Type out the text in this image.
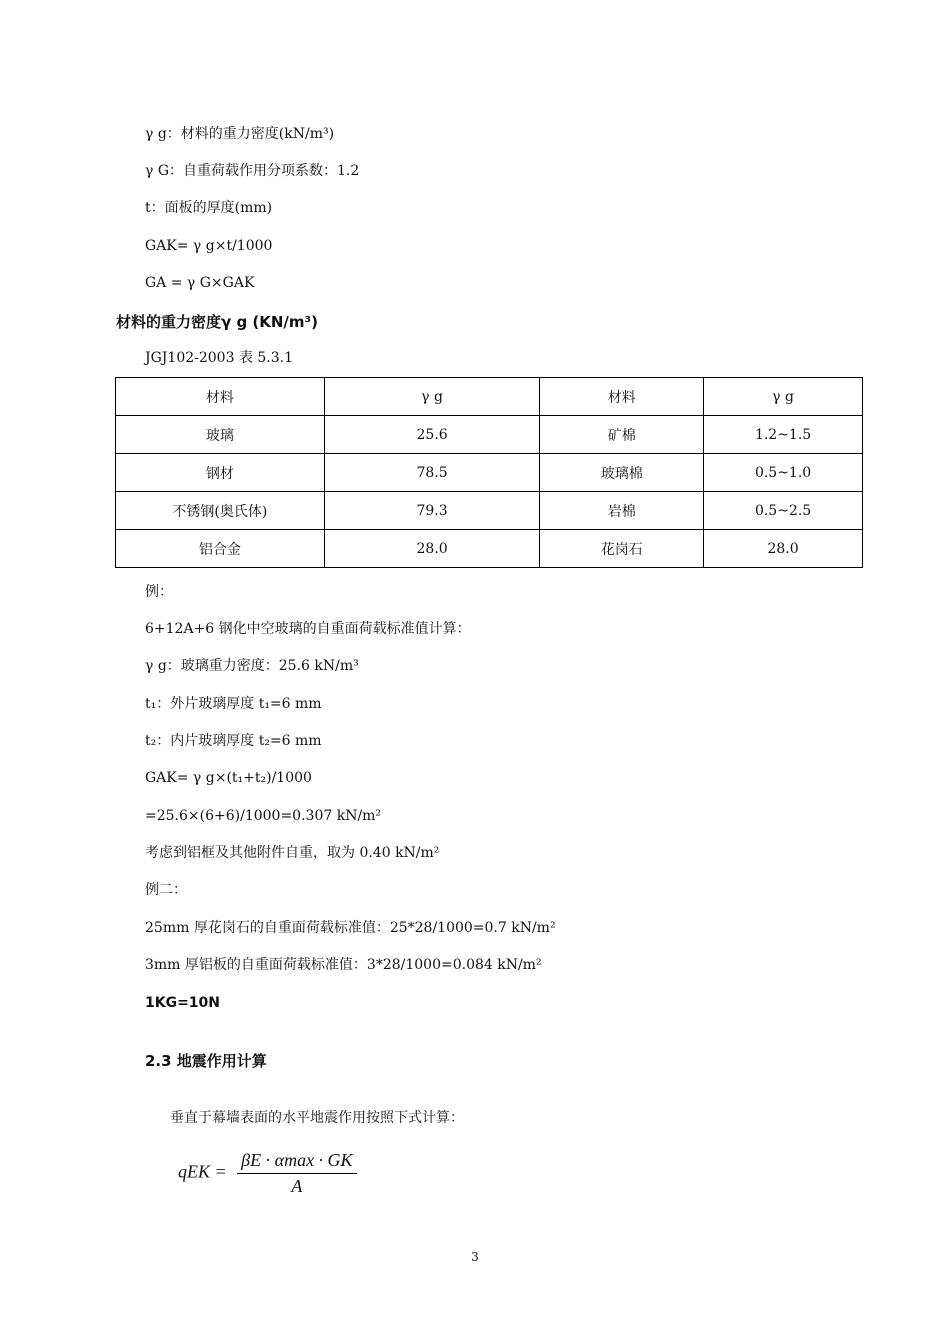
γ g：材料的重力密度(kN/m³)
γ G：自重荷载作用分项系数：1.2
t：面板的厚度(mm)
GAK= γ g×t/1000
GA = γ G×GAK
材料的重力密度γ g (KN/m³)
JGJ102-2003 表 5.3.1
材料	γ g	材料	γ g
玻璃	25.6	矿棉	1.2~1.5
钢材	78.5	玻璃棉	0.5~1.0
不锈钢(奥氏体)	79.3	岩棉	0.5~2.5
铝合金	28.0	花岗石	28.0
例：
6+12A+6 钢化中空玻璃的自重面荷载标准值计算：
γ g：玻璃重力密度：25.6 kN/m³
t₁：外片玻璃厚度 t₁=6 mm
t₂：内片玻璃厚度 t₂=6 mm
GAK= γ g×(t₁+t₂)/1000
=25.6×(6+6)/1000=0.307 kN/m²
考虑到铝框及其他附件自重，取为 0.40 kN/m²
例二：
25mm 厚花岗石的自重面荷载标准值：25*28/1000=0.7 kN/m²
3mm 厚铝板的自重面荷载标准值：3*28/1000=0.084 kN/m²
1KG=10N
2.3 地震作用计算
垂直于幕墙表面的水平地震作用按照下式计算：
qEK = $\frac{\beta E \cdot \alpha\max \cdot GK}{A}$
3
